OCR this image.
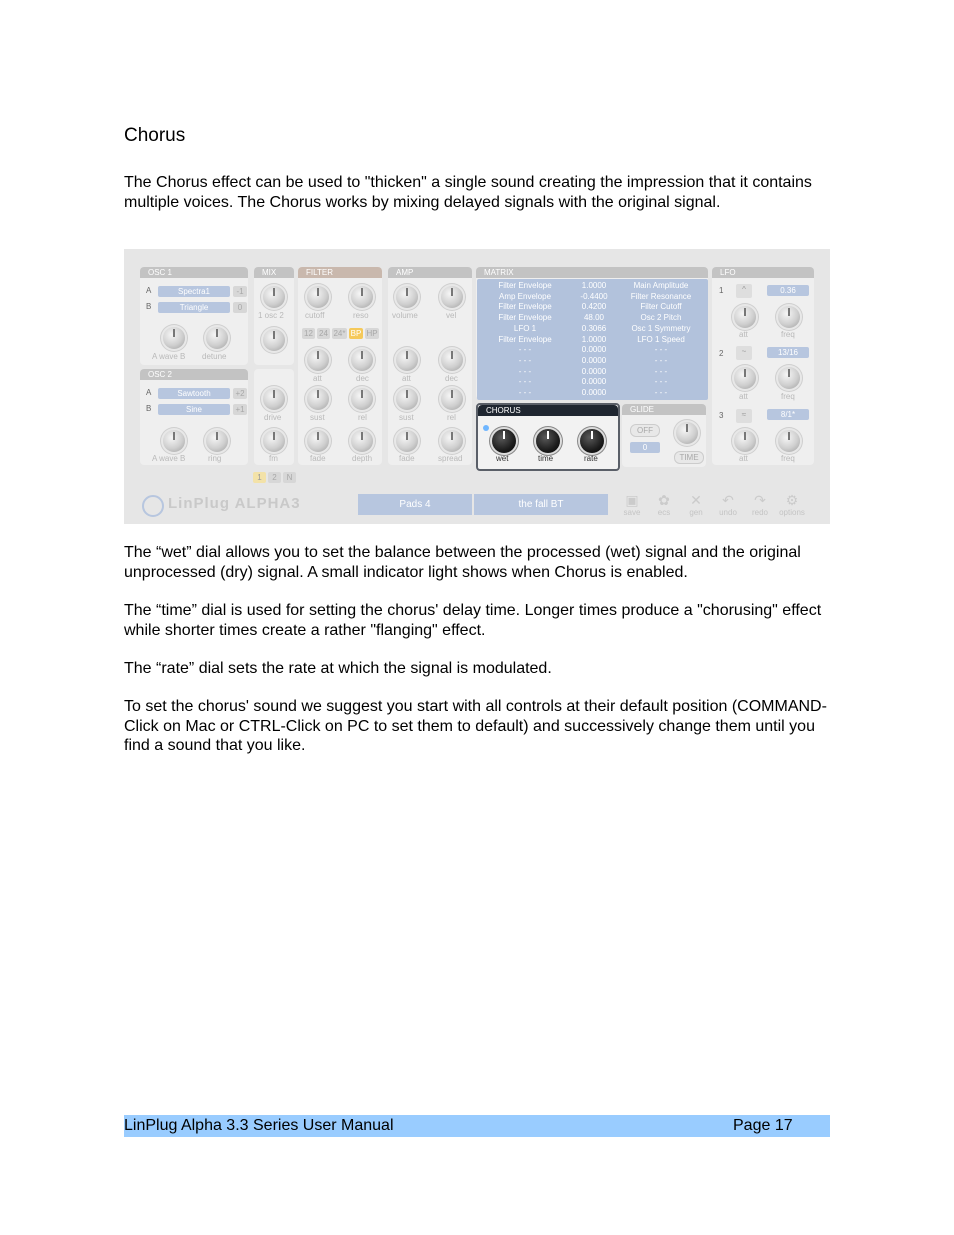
Chorus
The Chorus effect can be used to "thicken" a single sound creating the impression that it contains multiple voices. The Chorus works by mixing delayed signals with the original signal.
OSC 1
A	Spectra1	-1
B	Triangle	0
A wave B detune
OSC 2
A	Sawtooth	+2
B	Sine	+1
A wave B	ring
MIX
1 osc 2
drive
fm
FILTER
cutoff	reso
12 24 24* BP HP
att	dec
sust	rel
fade	depth
AMP
volume	vel
att	dec
sust	rel
fade	spread
MATRIX
Filter Envelope	1.0000	Main Amplitude
Amp Envelope	-0.4400	Filter Resonance
Filter Envelope	0.4200	Filter Cutoff
Filter Envelope	48.00	Osc 2 Pitch
LFO 1	0.3066	Osc 1 Symmetry
Filter Envelope	1.0000	LFO 1 Speed
- - -	0.0000	- - -
- - -	0.0000	- - -
- - -	0.0000	- - -
- - -	0.0000	- - -
- - -	0.0000	- - -
CHORUS
wet	time	rate
GLIDE
OFF
0
TIME
LFO
1	^	0.36
att	freq
2	~	13/16
att	freq
3	≈	8/1*
att	freq
1	2	N
LinPlug ALPHA3	Pads 4	the fall BT	▣	✿	✕	↶	↷	⚙
save	ecs	gen	undo	redo	options
The “wet” dial allows you to set the balance between the processed (wet) signal and the original unprocessed (dry) signal. A small indicator light shows when Chorus is enabled.
The “time” dial is used for setting the chorus' delay time. Longer times produce a "chorusing" effect while shorter times create a rather "flanging" effect.
The “rate” dial sets the rate at which the signal is modulated.
To set the chorus' sound we suggest you start with all controls at their default position (COMMAND-Click on Mac or CTRL-Click on PC to set them to default) and successively change them until you find a sound that you like.
LinPlug Alpha 3.3 Series User Manual	Page 17
